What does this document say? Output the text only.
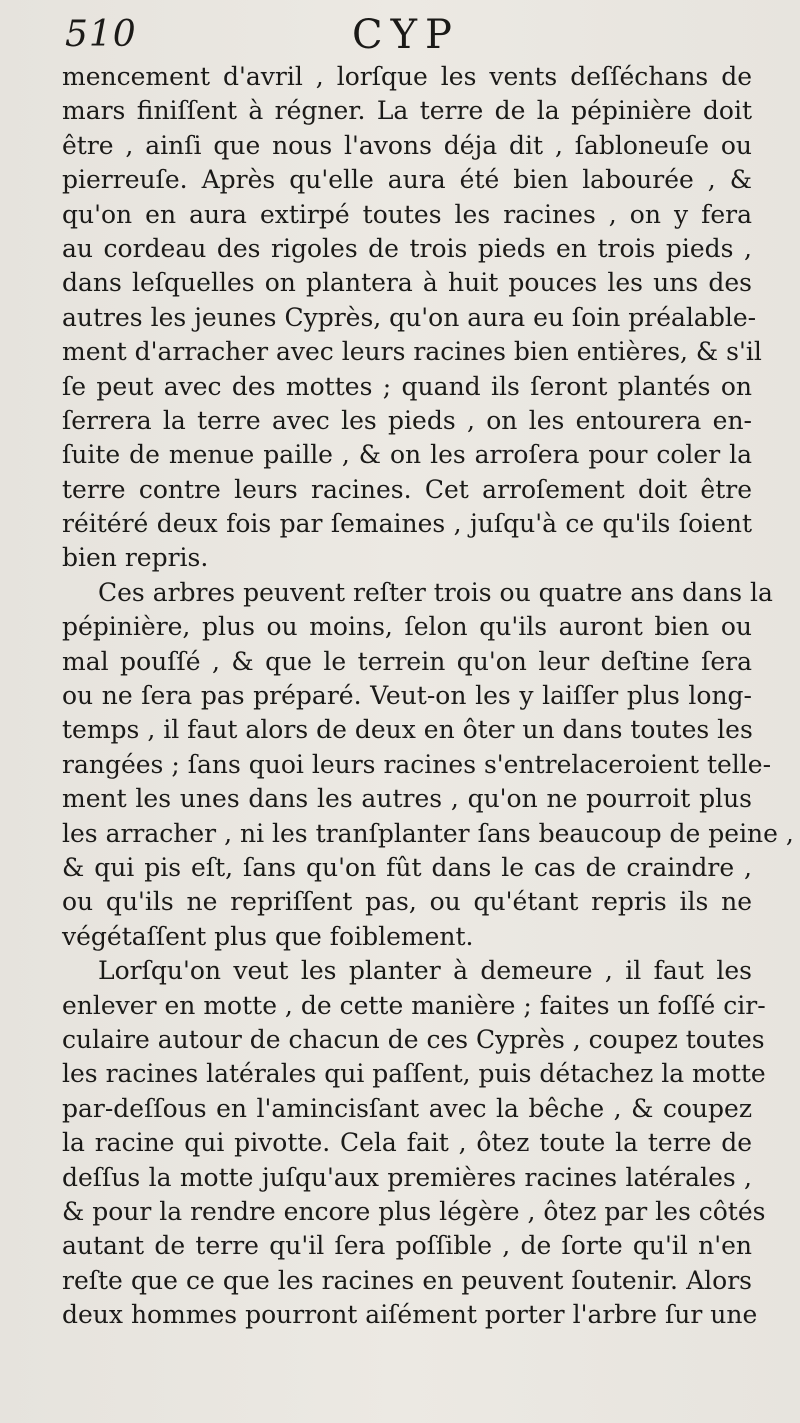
510	CYP
mencement d'avril , lorſque les vents deſſéchans de
mars finiſſent à régner. La terre de la pépinière doit
être , ainſi que nous l'avons déja dit , ſabloneuſe ou
pierreuſe. Après qu'elle aura été bien labourée , &
qu'on en aura extirpé toutes les racines , on y fera
au cordeau des rigoles de trois pieds en trois pieds ,
dans leſquelles on plantera à huit pouces les uns des
autres les jeunes Cyprès, qu'on aura eu ſoin préalable-
ment d'arracher avec leurs racines bien entières, & s'il
ſe peut avec des mottes ; quand ils ſeront plantés on
ſerrera la terre avec les pieds , on les entourera en-
ſuite de menue paille , & on les arroſera pour coler la
terre contre leurs racines. Cet arroſement doit être
réitéré deux fois par ſemaines , juſqu'à ce qu'ils ſoient
bien repris.
Ces arbres peuvent reſter trois ou quatre ans dans la
pépinière, plus ou moins, ſelon qu'ils auront bien ou
mal pouſſé , & que le terrein qu'on leur deſtine ſera
ou ne ſera pas préparé. Veut-on les y laiſſer plus long-
temps , il faut alors de deux en ôter un dans toutes les
rangées ; ſans quoi leurs racines s'entrelaceroient telle-
ment les unes dans les autres , qu'on ne pourroit plus
les arracher , ni les tranſplanter ſans beaucoup de peine ,
& qui pis eſt, ſans qu'on fût dans le cas de craindre ,
ou qu'ils ne repriſſent pas, ou qu'étant repris ils ne
végétaſſent plus que foiblement.
Lorſqu'on veut les planter à demeure , il faut les
enlever en motte , de cette manière ; faites un foſſé cir-
culaire autour de chacun de ces Cyprès , coupez toutes
les racines latérales qui paſſent, puis détachez la motte
par-deſſous en l'amincisſant avec la bêche , & coupez
la racine qui pivotte. Cela fait , ôtez toute la terre de
deſſus la motte juſqu'aux premières racines latérales ,
& pour la rendre encore plus légère , ôtez par les côtés
autant de terre qu'il ſera poſſible , de ſorte qu'il n'en
reſte que ce que les racines en peuvent ſoutenir. Alors
deux hommes pourront aiſément porter l'arbre ſur une
